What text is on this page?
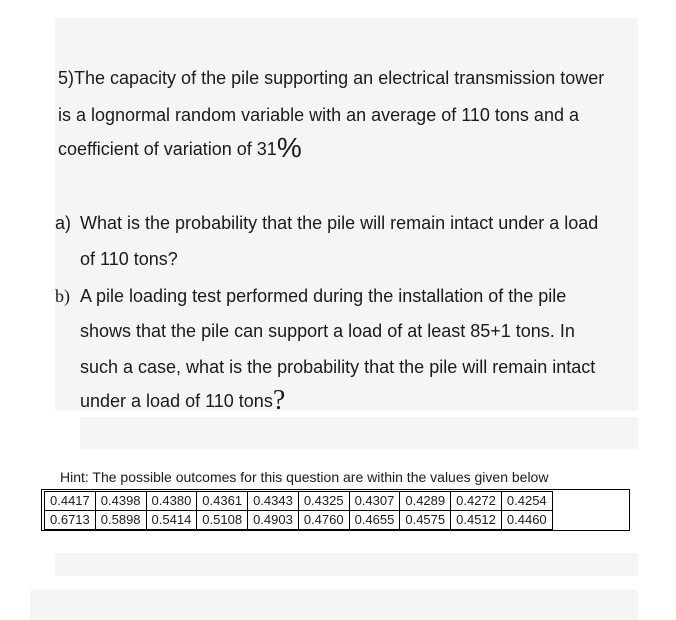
5)The capacity of the pile supporting an electrical transmission tower
is a lognormal random variable with an average of 110 tons and a
coefficient of variation of 31%
a) What is the probability that the pile will remain intact under a load
of 110 tons?
b) A pile loading test performed during the installation of the pile
shows that the pile can support a load of at least 85+1 tons. In
such a case, what is the probability that the pile will remain intact
under a load of 110 tons?
Hint: The possible outcomes for this question are within the values given below
0.4417	0.4398	0.4380	0.4361	0.4343	0.4325	0.4307	0.4289	0.4272	0.4254
0.6713	0.5898	0.5414	0.5108	0.4903	0.4760	0.4655	0.4575	0.4512	0.4460
